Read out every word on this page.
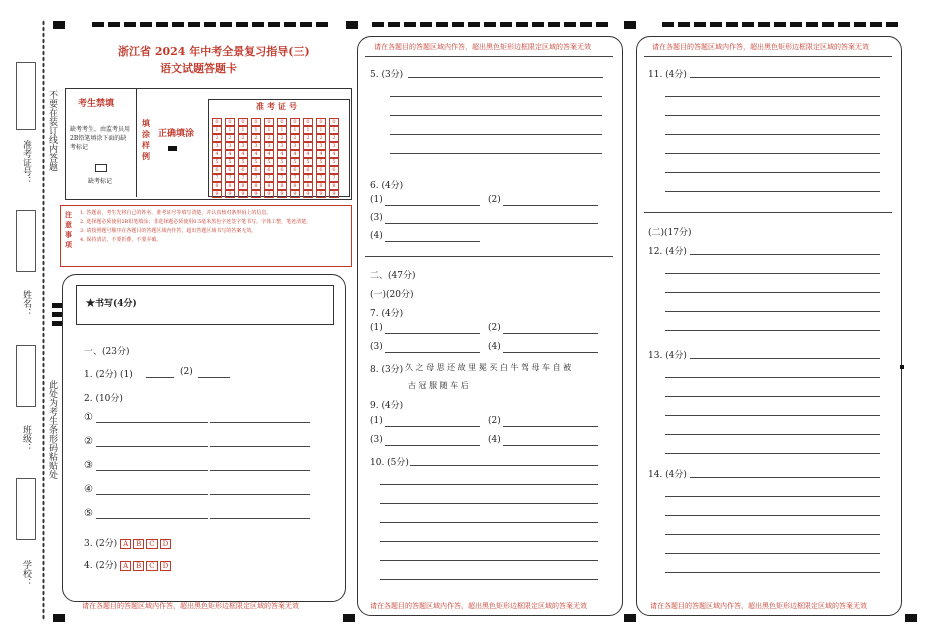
准考证号：
姓名：
班级：
学校：
不要在装订线内答题
此处为考生条形码粘贴处
浙江省 2024 年中考全景复习指导(三)
语文试题答题卡
考生禁填
缺考考生，由监考员用2B铅笔填涂下面的缺考标记
缺考标记
填涂样例
正确填涂
准考证号
0
1
2
3
4
5
6
7
8
9
0
1
2
3
4
5
6
7
8
9
0
1
2
3
4
5
6
7
8
9
0
1
2
3
4
5
6
7
8
9
0
1
2
3
4
5
6
7
8
9
0
1
2
3
4
5
6
7
8
9
0
1
2
3
4
5
6
7
8
9
0
1
2
3
4
5
6
7
8
9
0
1
2
3
4
5
6
7
8
9
0
1
2
3
4
5
6
7
8
9
注意事项
1. 答题前，考生先将自己的姓名、准考证号等填写清楚，并认真核对条形码上的信息。
2. 选择题必须使用2B铅笔填涂；非选择题必须使用0.5毫米黑色字迹签字笔书写，字体工整，笔迹清楚。
3. 请按照题号顺序在各题目的答题区域内作答，超出答题区域书写的答案无效。
4. 保持清洁，不要折叠，不要弄破。
★书写(4分)
一、(23分)
1. (2分) (1)	(2)
2. (10分)
①
②
③
④
⑤
3. (2分) A B C D
4. (2分) A B C D
请在各题目的答题区域内作答，超出黑色矩形边框限定区域的答案无效
请在各题目的答题区域内作答，超出黑色矩形边框限定区域的答案无效
5. (3分)
6. (4分)
(1)	(2)
(3)
(4)
二、(47分)
(一)(20分)
7. (4分)
(1)	(2)
(3)	(4)
8. (3分) 久 之 母 思 还 故 里 冕 买 白 牛 驾 母 车 自 被
古 冠 服 随 车 后
9. (4分)
(1)	(2)
(3)	(4)
10. (5分)
请在各题目的答题区域内作答，超出黑色矩形边框限定区域的答案无效
请在各题目的答题区域内作答，超出黑色矩形边框限定区域的答案无效
11. (4分)
(二)(17分)
12. (4分)
13. (4分)
14. (4分)
请在各题目的答题区域内作答，超出黑色矩形边框限定区域的答案无效
